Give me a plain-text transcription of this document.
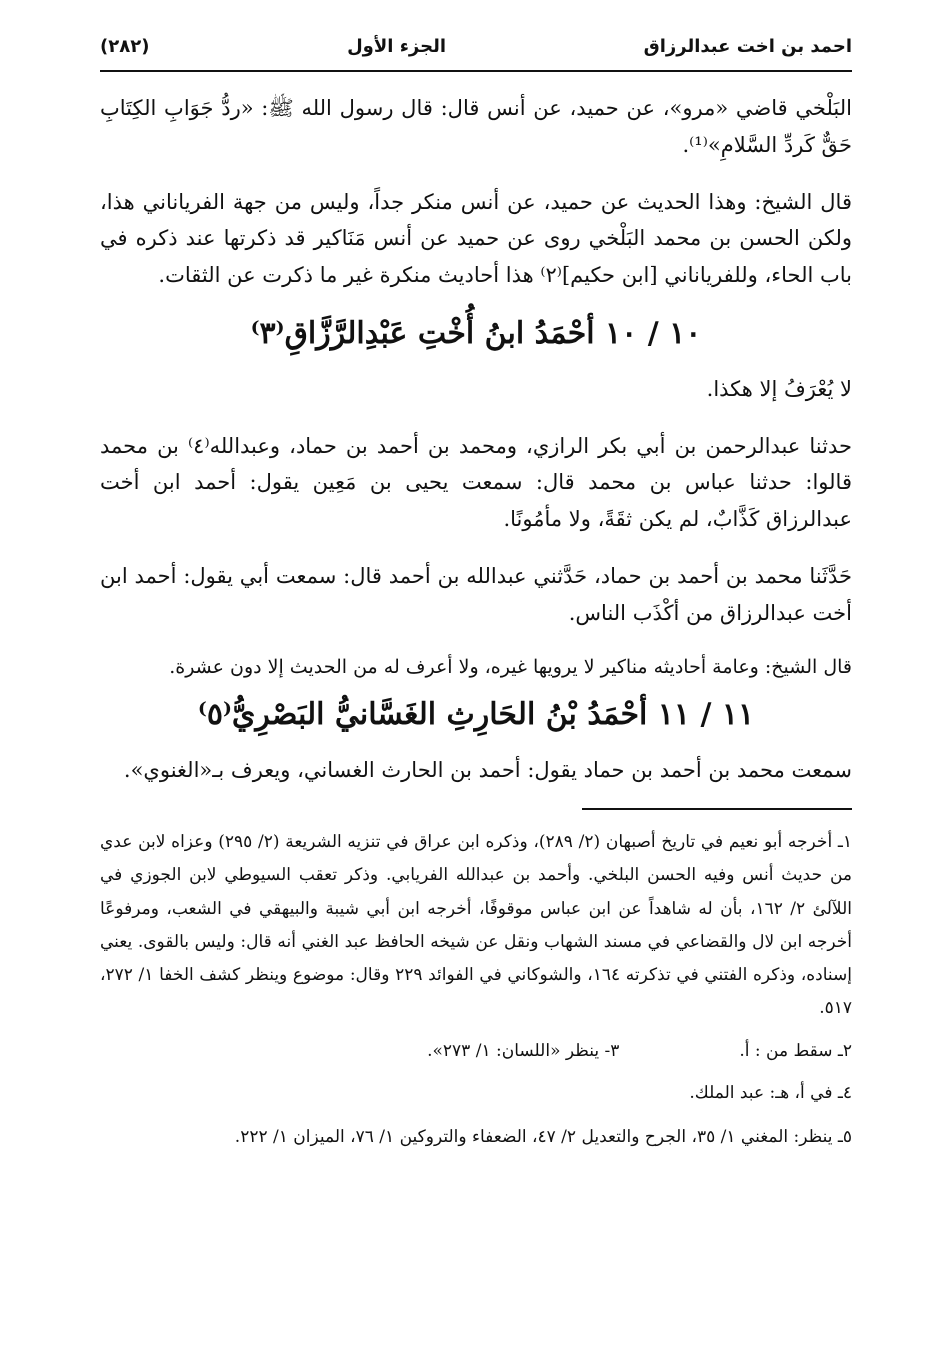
احمد بن اخت عبدالرزاق
الجزء الأول
(٢٨٢)

البَلْخي قاضي «مرو»، عن حميد، عن أنس قال: قال رسول الله ﷺ: «ردُّ جَوَابِ الكِتَابِ حَقٌّ كَردِّ السَّلامِ»⁽¹⁾.

قال الشيخ: وهذا الحديث عن حميد، عن أنس منكر جداً، وليس من جهة الفرياناني هذا، ولكن الحسن بن محمد البَلْخي روى عن حميد عن أنس مَنَاكير قد ذكرتها عند ذكره في باب الحاء، وللفرياناني [ابن حكيم]⁽٢⁾ هذا أحاديث منكرة غير ما ذكرت عن الثقات.

١٠ / ١٠ أحْمَدُ ابنُ أُخْتِ عَبْدِالرَّزَّاقِ⁽٣⁾

لا يُعْرَفُ إلا هكذا.

حدثنا عبدالرحمن بن أبي بكر الرازي، ومحمد بن أحمد بن حماد، وعبدالله⁽٤⁾ بن محمد قالوا: حدثنا عباس بن محمد قال: سمعت يحيى بن مَعِين يقول: أحمد ابن أخت عبدالرزاق كَذَّابٌ، لم يكن ثقَةً، ولا مأمُونًا.

حَدَّثَنا محمد بن أحمد بن حماد، حَدَّثني عبدالله بن أحمد قال: سمعت أبي يقول: أحمد ابن أخت عبدالرزاق من أكْذَب الناس.

قال الشيخ: وعامة أحاديثه مناكير لا يرويها غيره، ولا أعرف له من الحديث إلا دون عشرة.

١١ / ١١ أحْمَدُ بْنُ الحَارِثِ الغَسَّانيُّ البَصْرِيُّ⁽٥⁾

سمعت محمد بن أحمد بن حماد يقول: أحمد بن الحارث الغساني، ويعرف بـ«الغنوي».

١ـ أخرجه أبو نعيم في تاريخ أصبهان (٢/ ٢٨٩)، وذكره ابن عراق في تنزيه الشريعة (٢/ ٢٩٥) وعزاه لابن عدي من حديث أنس وفيه الحسن البلخي. وأحمد بن عبدالله الفريابي. وذكر تعقب السيوطي لابن الجوزي في اللآلئ ٢/ ١٦٢، بأن له شاهداً عن ابن عباس موقوفًا، أخرجه ابن أبي شيبة والبيهقي في الشعب، ومرفوعًا أخرجه ابن لال والقضاعي في مسند الشهاب ونقل عن شيخه الحافظ عبد الغني أنه قال: وليس بالقوى. يعني إسناده، وذكره الفتني في تذكرته ١٦٤، والشوكاني في الفوائد ٢٢٩ وقال: موضوع وينظر كشف الخفا ١/ ٢٧٢، ٥١٧.

٢ـ سقط من : أ.
٣- ينظر «اللسان: ١/ ٢٧٣».

٤ـ في أ، هـ: عبد الملك.

٥ـ ينظر: المغني ١/ ٣٥، الجرح والتعديل ٢/ ٤٧، الضعفاء والتروكين ١/ ٧٦، الميزان ١/ ٢٢٢.
